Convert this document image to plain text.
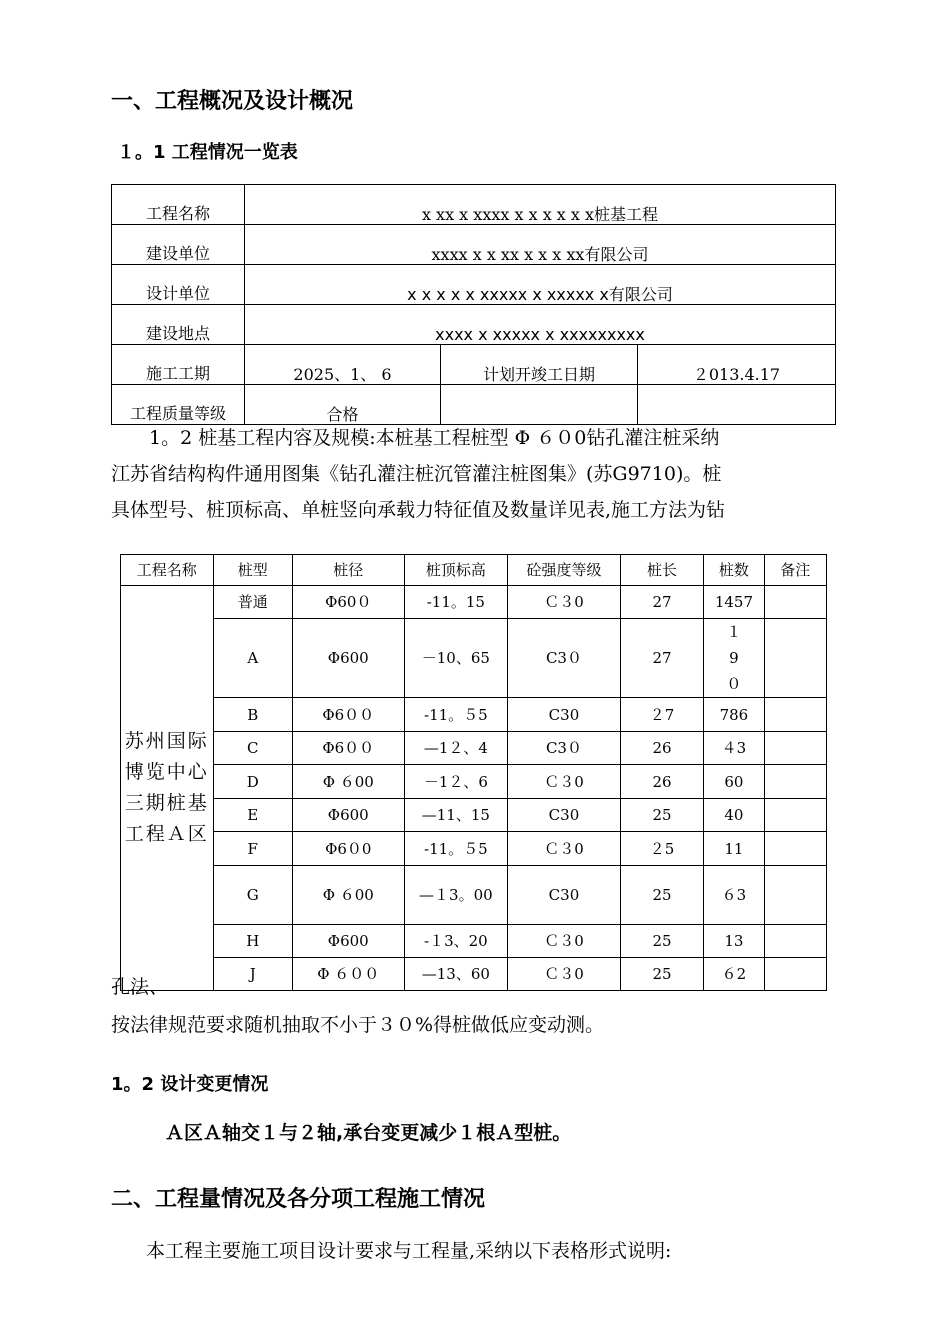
一、工程概况及设计概况
１。1 工程情况一览表
工程名称	x xx x xxxx x x x x x x桩基工程		
建设单位	xxxx x x xx x x x xx有限公司		
设计单位	x x x x x xxxxx x xxxxx x有限公司		
建设地点	xxxx x xxxxx x xxxxxxxxx		
施工工期	2025、1、 6	计划开竣工日期	２013.4.17
工程质量等级	合格		
1。2 桩基工程内容及规模:本桩基工程桩型 Φ ６０0钻孔灌注桩采纳
江苏省结构构件通用图集《钻孔灌注桩沉管灌注桩图集》(苏G9710)。桩
具体型号、桩顶标高、单桩竖向承载力特征值及数量详见表,施工方法为钻
工程名称	桩型	桩径	桩顶标高	砼强度等级	桩长	桩数	备注
苏州国际博览中心三期桩基工程Ａ区	普通	Φ60０	-11。15	Ｃ３0	27	1457	
	A	Φ600	－10、65	C3０	27	１9０	
	B	Φ6００	-11。５5	C30	２7	786	
	C	Φ6００	—1２、4	C3０	26	４3	
	D	Φ ６00	－1２、6	Ｃ３0	26	60	
	E	Φ600	—11、15	C30	25	40	
	F	Φ6０0	-11。５5	Ｃ３0	２5	11	
	G	Φ ６00	—１3。00	C30	25	６3	
	H	Φ600	-１3、20	Ｃ３0	25	13	
	J	Φ ６００	—13、60	Ｃ３0	25	６2	
孔法、
按法律规范要求随机抽取不小于３０%得桩做低应变动测。
1。2 设计变更情况
Ａ区Ａ轴交１与２轴,承台变更减少１根Ａ型桩。
二、工程量情况及各分项工程施工情况
本工程主要施工项目设计要求与工程量,采纳以下表格形式说明:
